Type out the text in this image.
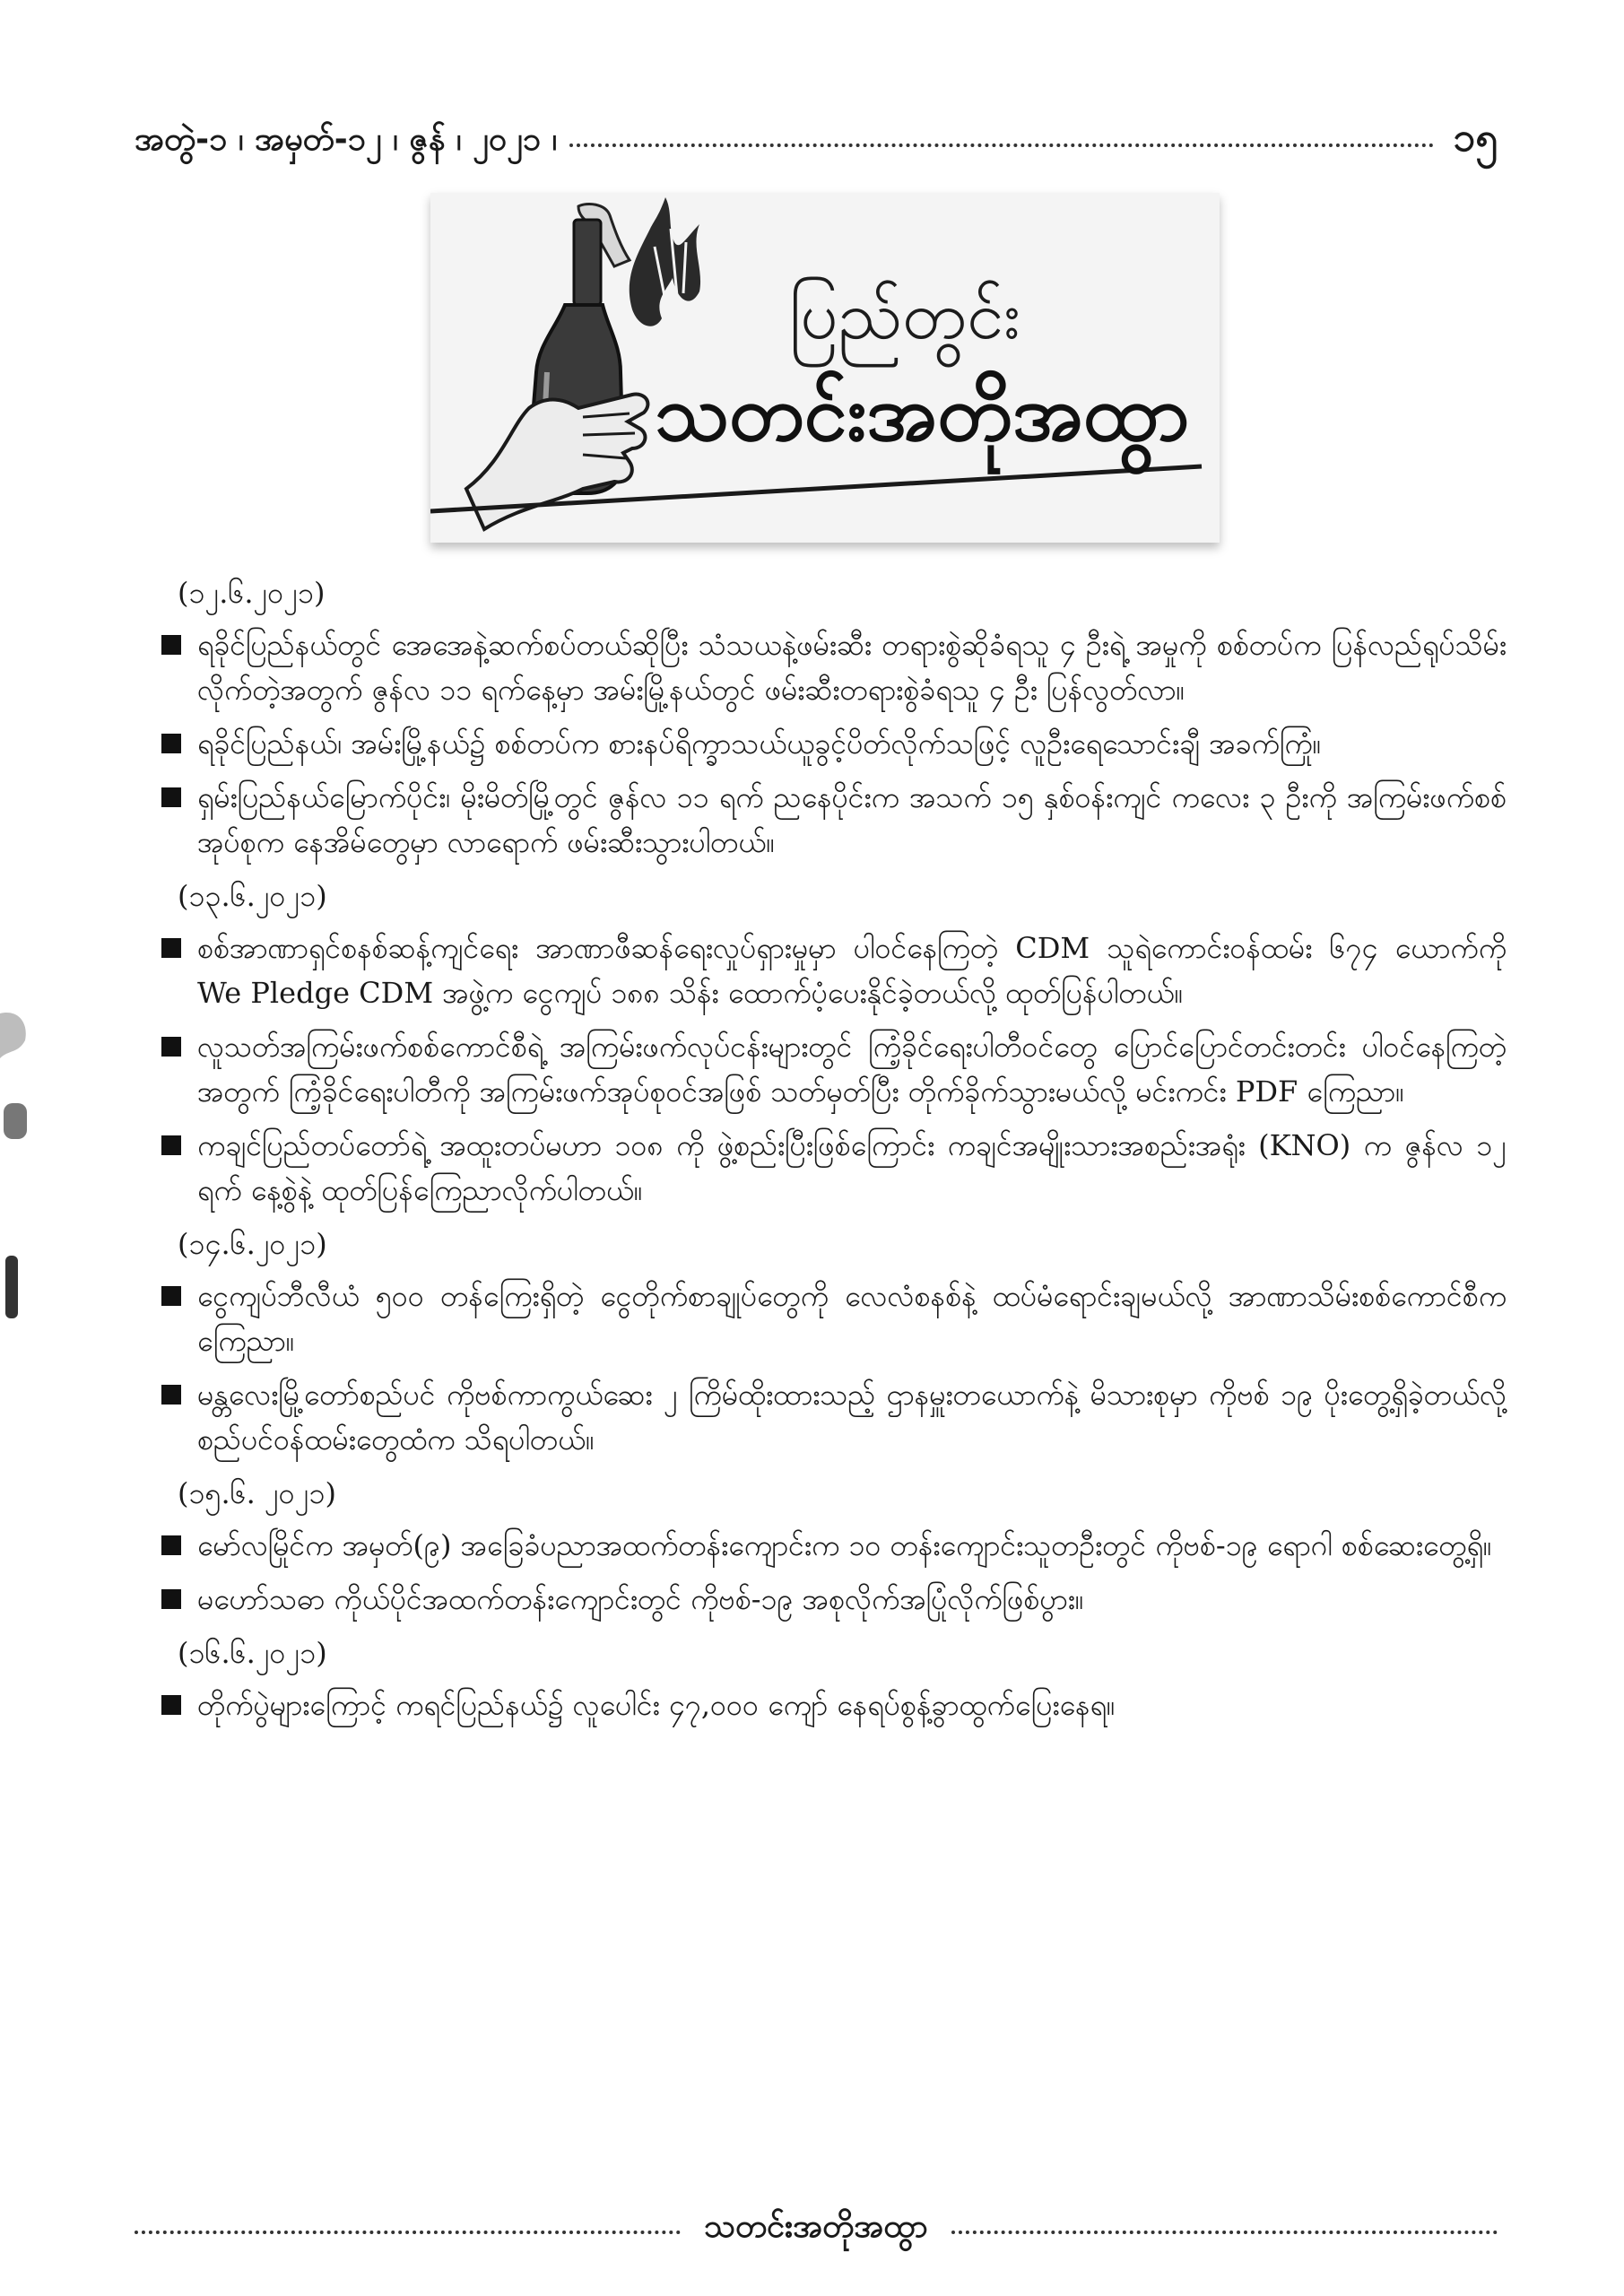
အတွဲ-၁ ၊ အမှတ်-၁၂ ၊ ဇွန် ၊ ၂၀၂၁ ၊	၁၅
ပြည်တွင်း
သတင်းအတိုအထွာ
(၁၂.၆.၂၀၂၁)
ရခိုင်ပြည်နယ်တွင် အေအေနဲ့ဆက်စပ်တယ်ဆိုပြီး သံသယနဲ့ဖမ်းဆီး တရားစွဲဆိုခံရသူ ၄ ဦးရဲ့ အမှုကို စစ်တပ်က ပြန်လည်ရုပ်သိမ်းလိုက်တဲ့အတွက် ဇွန်လ ၁၁ ရက်နေ့မှာ အမ်းမြို့နယ်တွင် ဖမ်းဆီးတရားစွဲခံရသူ ၄ ဦး ပြန်လွတ်လာ။
ရခိုင်ပြည်နယ်၊ အမ်းမြို့နယ်၌ စစ်တပ်က စားနပ်ရိက္ခာသယ်ယူခွင့်ပိတ်လိုက်သဖြင့် လူဦးရေသောင်းချီ အခက်ကြုံ။
ရှမ်းပြည်နယ်မြောက်ပိုင်း၊ မိုးမိတ်မြို့တွင် ဇွန်လ ၁၁ ရက် ညနေပိုင်းက အသက် ၁၅ နှစ်ဝန်းကျင် ကလေး ၃ ဦးကို အကြမ်းဖက်စစ်အုပ်စုက နေအိမ်တွေမှာ လာရောက် ဖမ်းဆီးသွားပါတယ်။
(၁၃.၆.၂၀၂၁)
စစ်အာဏာရှင်စနစ်ဆန့်ကျင်ရေး အာဏာဖီဆန်ရေးလှုပ်ရှားမှုမှာ ပါဝင်နေကြတဲ့ CDM သူရဲကောင်းဝန်ထမ်း ၆၇၄ ယောက်ကို We Pledge CDM အဖွဲ့က ငွေကျပ် ၁၈၈ သိန်း ထောက်ပံ့ပေးနိုင်ခဲ့တယ်လို့ ထုတ်ပြန်ပါတယ်။
လူသတ်အကြမ်းဖက်စစ်ကောင်စီရဲ့ အကြမ်းဖက်လုပ်ငန်းများတွင် ကြံ့ခိုင်ရေးပါတီဝင်တွေ ပြောင်ပြောင်တင်းတင်း ပါဝင်နေကြတဲ့အတွက် ကြံ့ခိုင်ရေးပါတီကို အကြမ်းဖက်အုပ်စုဝင်အဖြစ် သတ်မှတ်ပြီး တိုက်ခိုက်သွားမယ်လို့ မင်းကင်း PDF ကြေညာ။
ကချင်ပြည်တပ်တော်ရဲ့ အထူးတပ်မဟာ ၁၀၈ ကို ဖွဲ့စည်းပြီးဖြစ်ကြောင်း ကချင်အမျိုးသားအစည်းအရုံး (KNO) က ဇွန်လ ၁၂ ရက် နေ့စွဲနဲ့ ထုတ်ပြန်ကြေညာလိုက်ပါတယ်။
(၁၄.၆.၂၀၂၁)
ငွေကျပ်ဘီလီယံ ၅၀၀ တန်ကြေးရှိတဲ့ ငွေတိုက်စာချုပ်တွေကို လေလံစနစ်နဲ့ ထပ်မံရောင်းချမယ်လို့ အာဏာသိမ်းစစ်ကောင်စီက ကြေညာ။
မန္တလေးမြို့တော်စည်ပင် ကိုဗစ်ကာကွယ်ဆေး ၂ ကြိမ်ထိုးထားသည့် ဌာနမှူးတယောက်နဲ့ မိသားစုမှာ ကိုဗစ် ၁၉ ပိုးတွေ့ရှိခဲ့တယ်လို့ စည်ပင်ဝန်ထမ်းတွေထံက သိရပါတယ်။
(၁၅.၆. ၂၀၂၁)
မော်လမြိုင်က အမှတ်(၉) အခြေခံပညာအထက်တန်းကျောင်းက ၁၀ တန်းကျောင်းသူတဦးတွင် ကိုဗစ်-၁၉ ရောဂါ စစ်ဆေးတွေ့ရှိ။
မဟော်သဓာ ကိုယ်ပိုင်အထက်တန်းကျောင်းတွင် ကိုဗစ်-၁၉ အစုလိုက်အပြုံလိုက်ဖြစ်ပွား။
(၁၆.၆.၂၀၂၁)
တိုက်ပွဲများကြောင့် ကရင်ပြည်နယ်၌ လူပေါင်း ၄၇,၀၀၀ ကျော် နေရပ်စွန့်ခွာထွက်ပြေးနေရ။
သတင်းအတိုအထွာ
